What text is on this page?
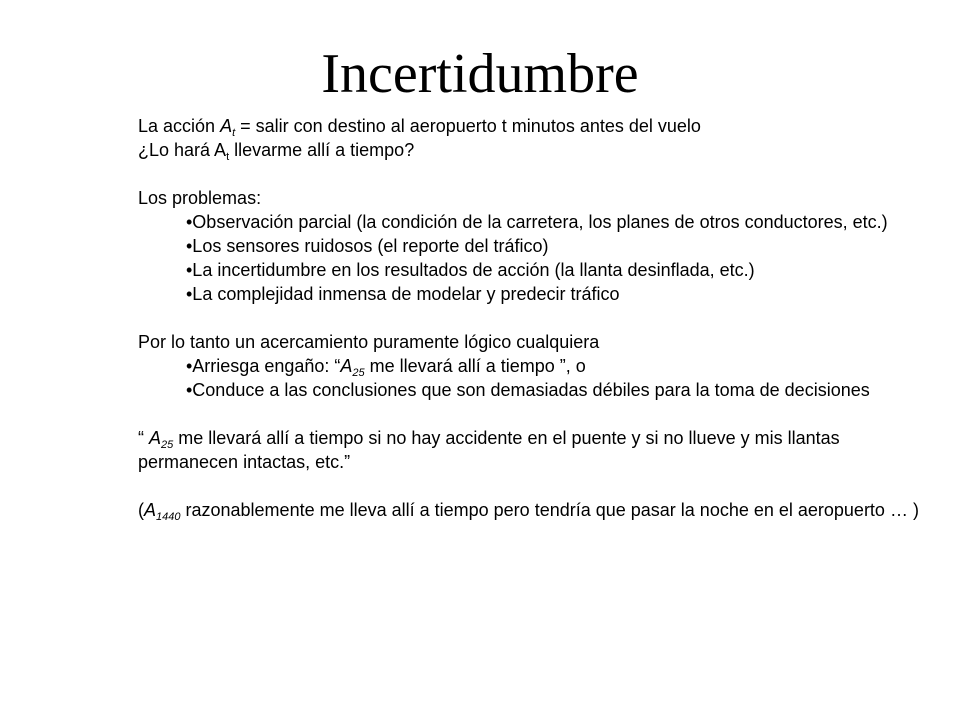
Incertidumbre

La acción $A_t$ = salir con destino al aeropuerto t minutos antes del vuelo

¿Lo hará $A_t$ llevarme allí a tiempo?

Los problemas:

•Observación parcial (la condición de la carretera, los planes de otros conductores, etc.)

•Los sensores ruidosos (el reporte del tráfico)

•La incertidumbre en los resultados de acción (la llanta desinflada, etc.)

•La complejidad inmensa de modelar y predecir tráfico

Por lo tanto un acercamiento puramente lógico cualquiera

•Arriesga engaño: “$A_{25}$ me llevará allí a tiempo ”, o

•Conduce a las conclusiones que son demasiadas débiles para la toma de decisiones

“ $A_{25}$ me llevará allí a tiempo si no hay accidente en el puente y si no llueve y mis llantas permanecen intactas, etc.”

($A_{1440}$ razonablemente me lleva allí a tiempo pero tendría que pasar la noche en el aeropuerto … )
